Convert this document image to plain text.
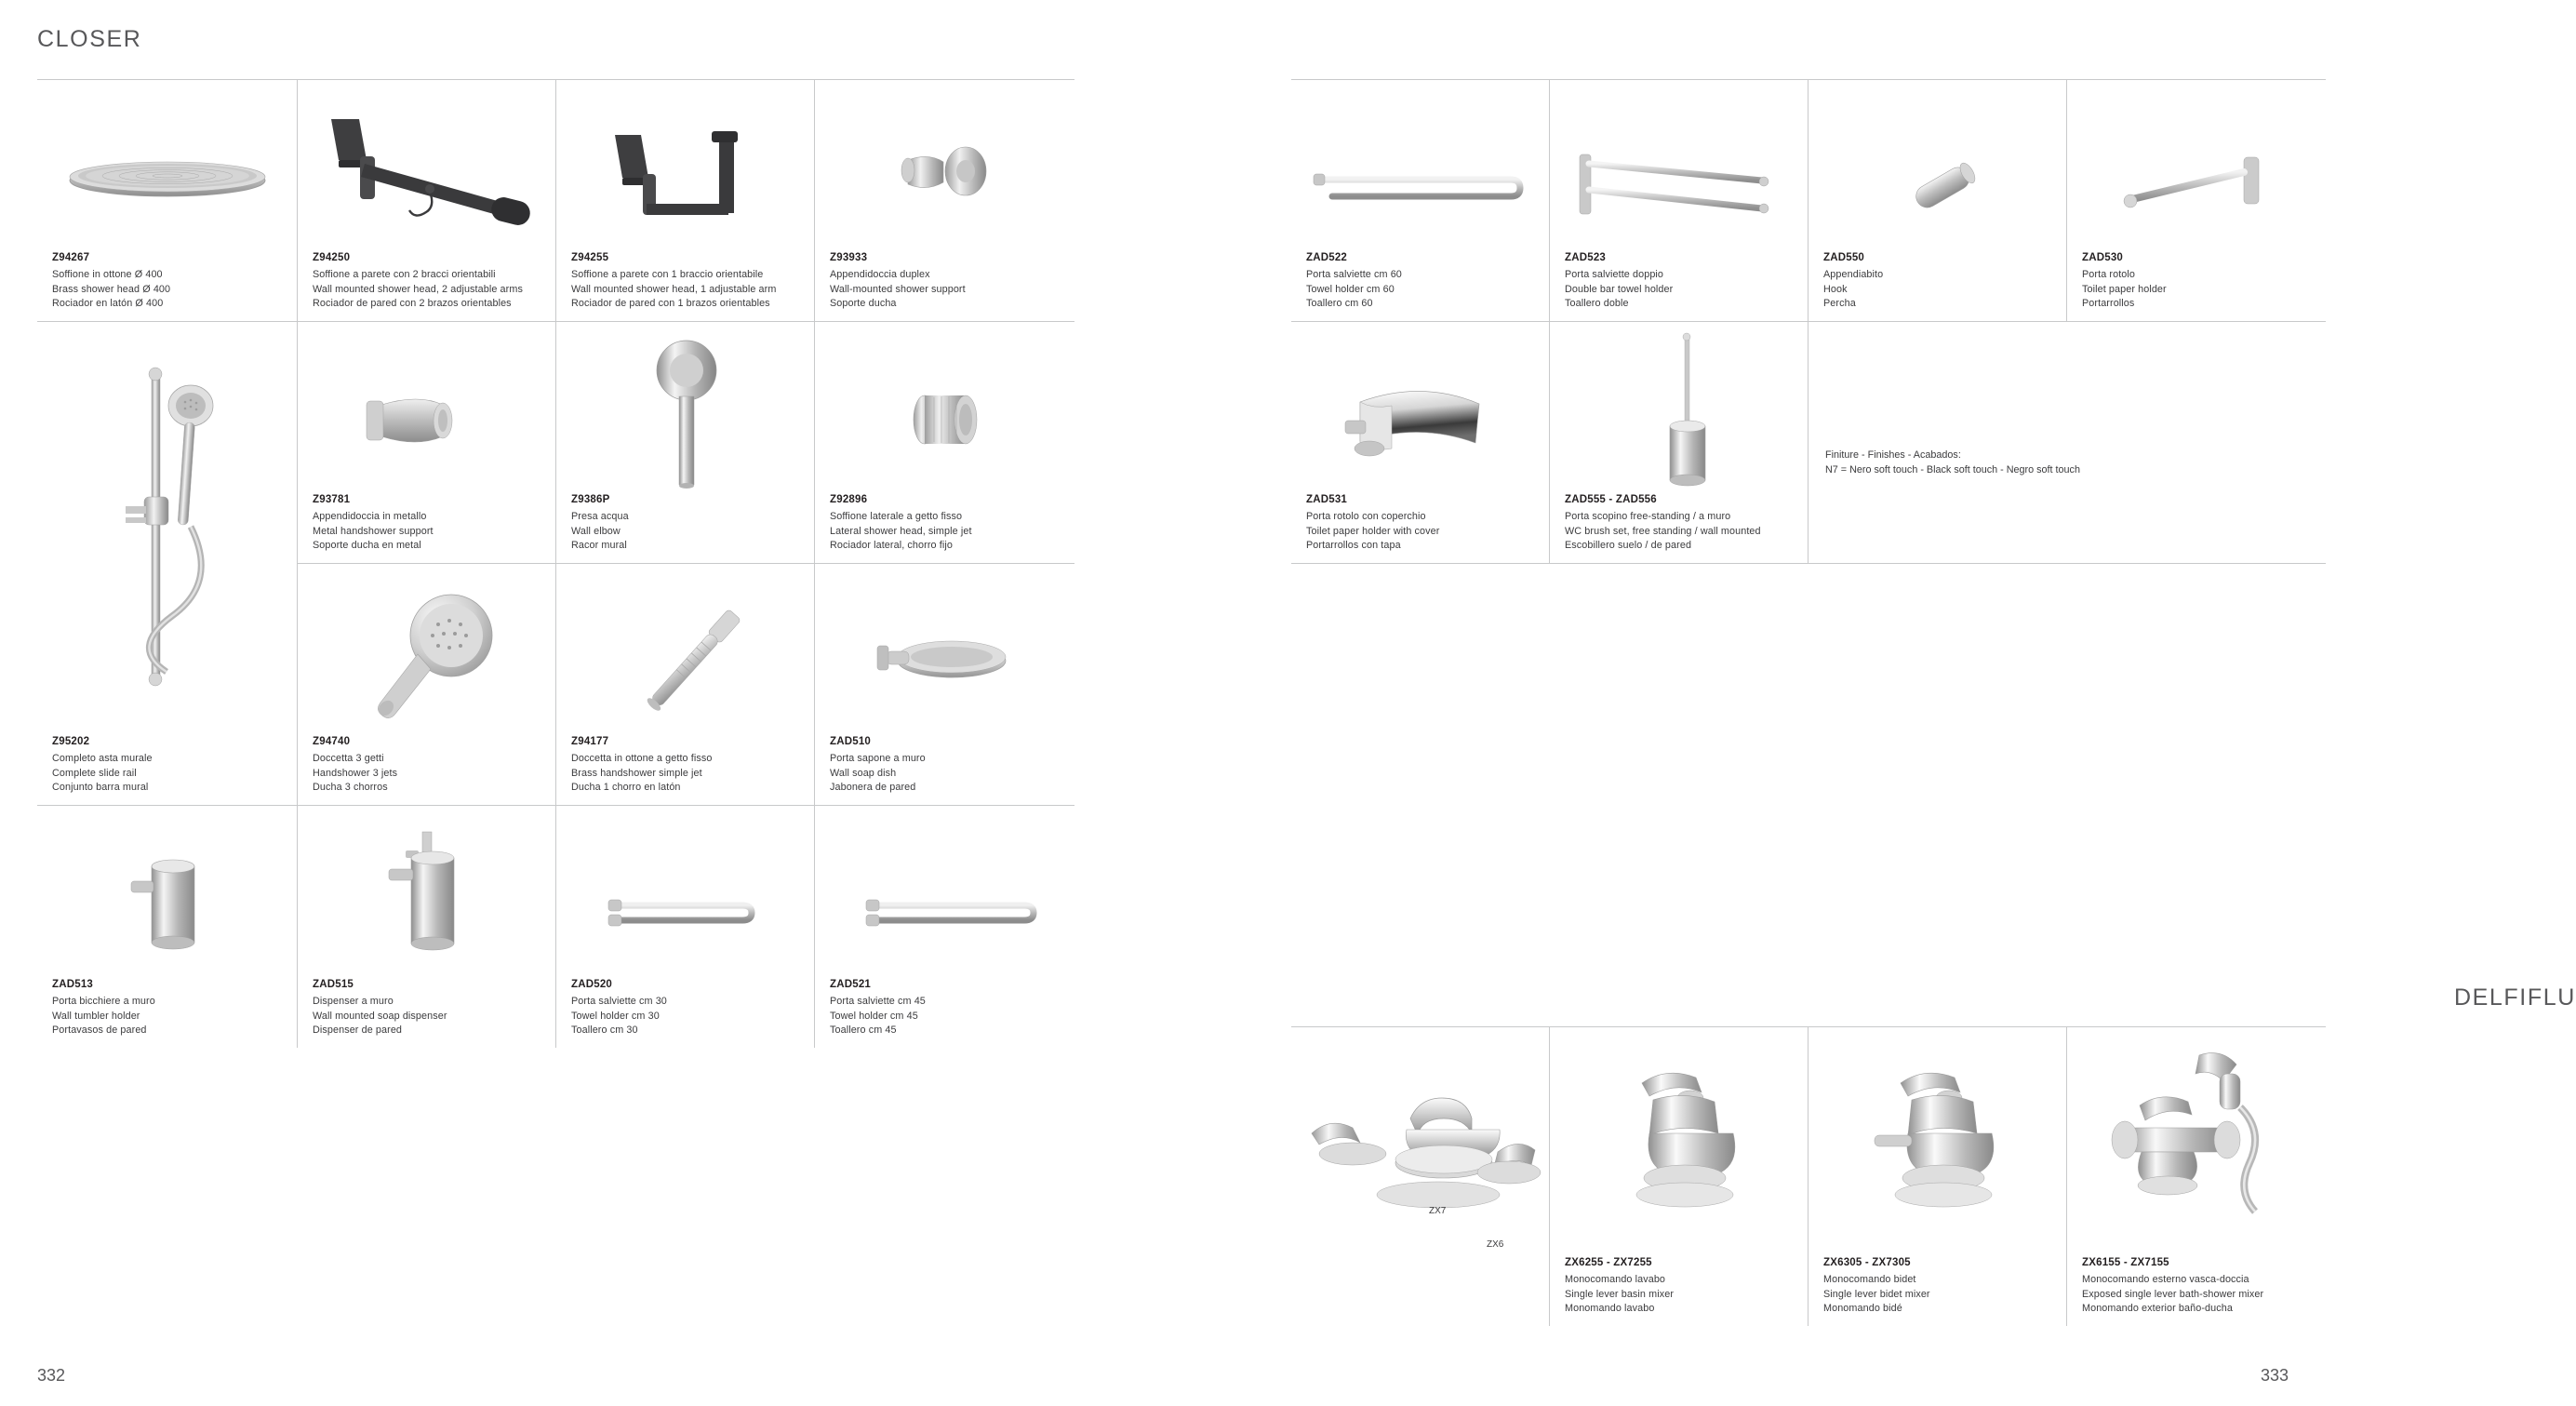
CLOSER
Z94267
Soffione in ottone Ø 400
Brass shower head Ø 400
Rociador en latón Ø 400
Z94250
Soffione a parete con 2 bracci orientabili
Wall mounted shower head, 2 adjustable arms
Rociador de pared con 2 brazos orientables
Z94255
Soffione a parete con 1 braccio orientabile
Wall mounted shower head, 1 adjustable arm
Rociador de pared con 1 brazos orientables
Z93933
Appendidoccia duplex
Wall-mounted shower support
Soporte ducha
Z93781
Appendidoccia in metallo
Metal handshower support
Soporte ducha en metal
Z9386P
Presa acqua
Wall elbow
Racor mural
Z95202
Completo asta murale
Complete slide rail
Conjunto barra mural
Z92896
Soffione laterale a getto fisso
Lateral shower head, simple jet
Rociador lateral, chorro fijo
Z94740
Doccetta 3 getti
Handshower 3 jets
Ducha 3 chorros
Z94177
Doccetta in ottone a getto fisso
Brass handshower simple jet
Ducha 1 chorro en latón
ZAD510
Porta sapone a muro
Wall soap dish
Jabonera de pared
ZAD513
Porta bicchiere a muro
Wall tumbler holder
Portavasos de pared
ZAD515
Dispenser a muro
Wall mounted soap dispenser
Dispenser de pared
ZAD520
Porta salviette cm 30
Towel holder cm 30
Toallero cm 30
ZAD521
Porta salviette cm 45
Towel holder cm 45
Toallero cm 45
332
ZAD522
Porta salviette cm 60
Towel holder cm 60
Toallero cm 60
ZAD523
Porta salviette doppio
Double bar towel holder
Toallero doble
ZAD550
Appendiabito
Hook
Percha
ZAD530
Porta rotolo
Toilet paper holder
Portarrollos
ZAD531
Porta rotolo con coperchio
Toilet paper holder with cover
Portarrollos con tapa
ZAD555 - ZAD556
Porta scopino free-standing / a muro
WC brush set, free standing / wall mounted
Escobillero suelo / de pared
Finiture - Finishes - Acabados:
N7 = Nero soft touch - Black soft touch - Negro soft touch
DELFIFLU
ZX7
ZX6
ZX6255 - ZX7255
Monocomando lavabo
Single lever basin mixer
Monomando lavabo
ZX6305 - ZX7305
Monocomando bidet
Single lever bidet mixer
Monomando bidé
ZX6155 - ZX7155
Monocomando esterno vasca-doccia
Exposed single lever bath-shower mixer
Monomando exterior baño-ducha
333
